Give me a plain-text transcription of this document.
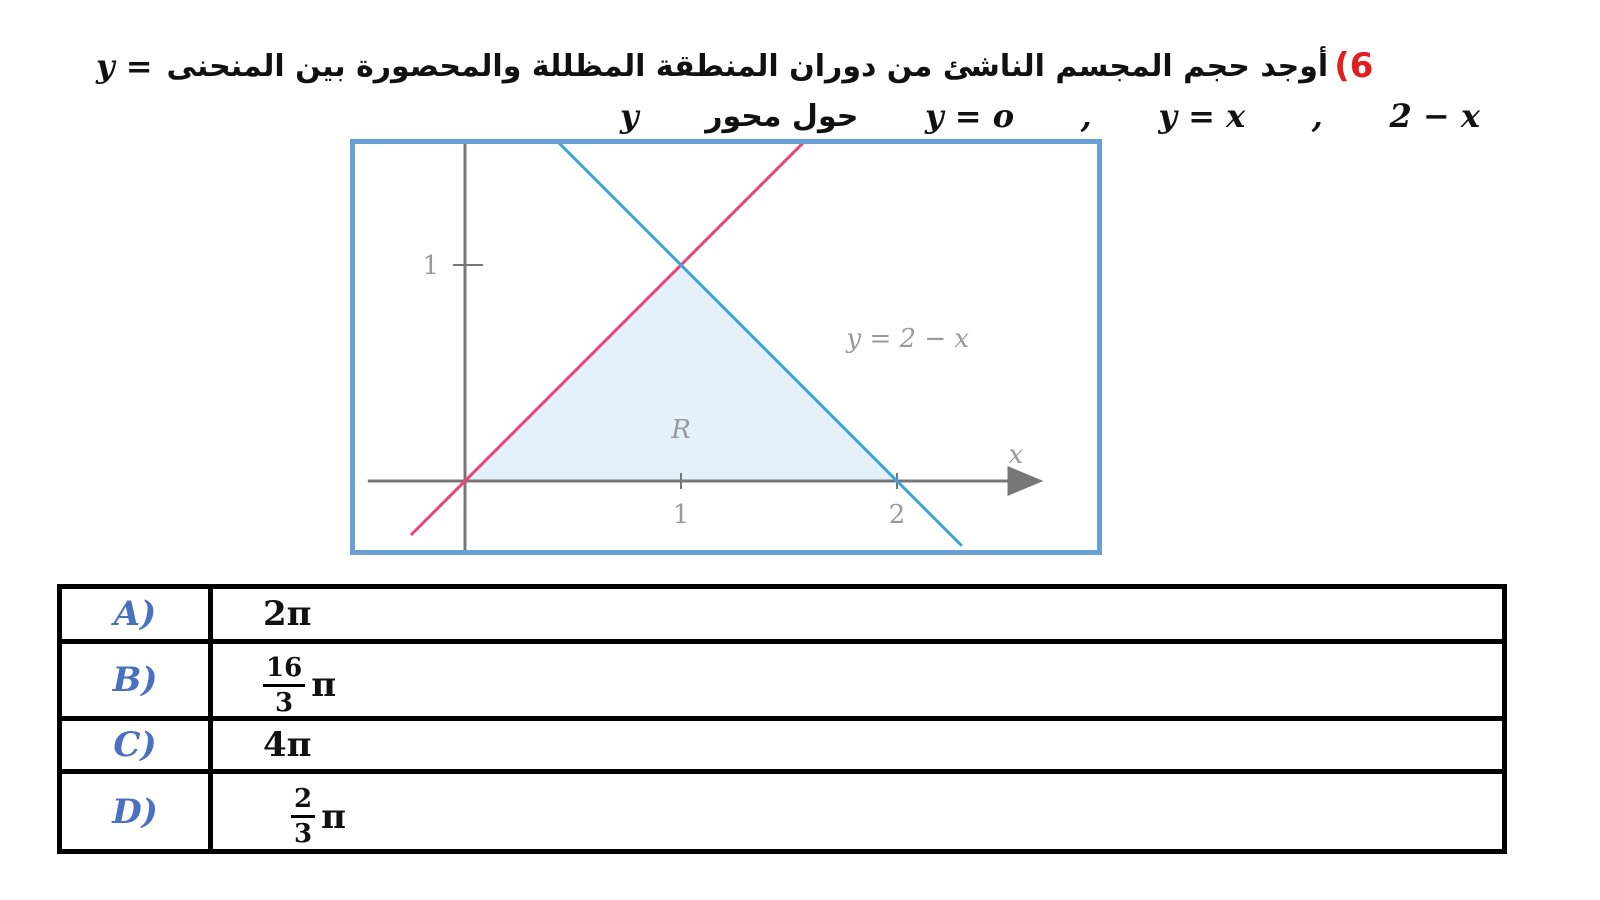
6)
أوجد حجم المجسم الناشئ من دوران المنطقة المظللة والمحصورة بين المنحنى
y =
y حول محور y = o , y = x , 2 − x
x
y = 2 − x
R
1	2
1
A)	2π
B)	$\frac{16}{3}$ π

C)	4π
D)	$\frac{2}{3}$ π
